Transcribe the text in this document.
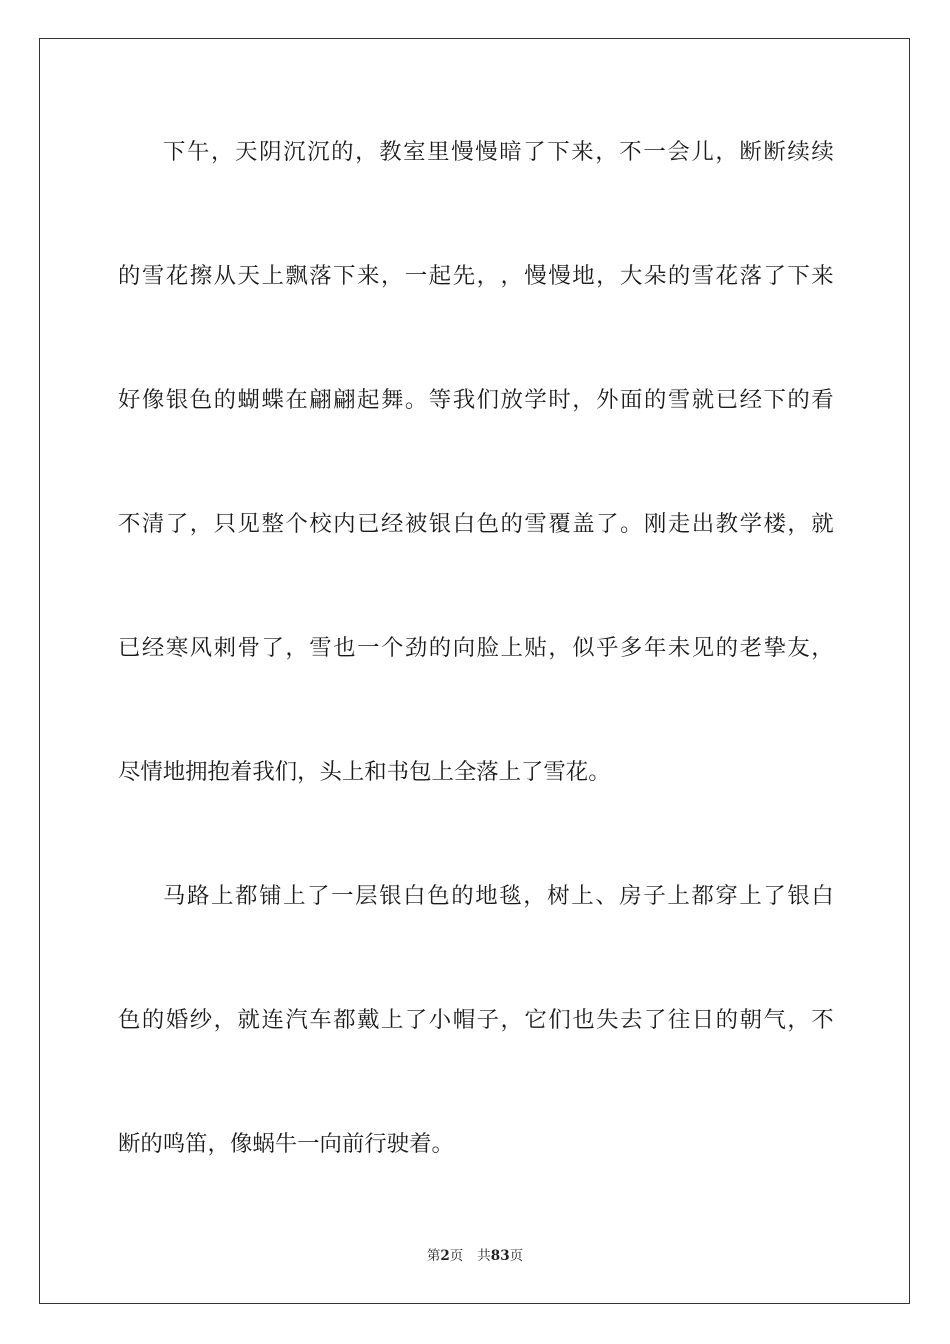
下 午 ， 天 阴 沉 沉 的 ， 教 室 里 慢 慢 暗 了 下 来 ， 不 一 会 儿 ， 断 断 续 续
的 雪 花 擦 从 天 上 飘 落 下 来 ， 一 起 先 ， ， 慢 慢 地 ， 大 朵 的 雪 花 落 了 下 来
好 像 银 色 的 蝴 蝶 在 翩 翩 起 舞 。 等 我 们 放 学 时 ， 外 面 的 雪 就 已 经 下 的 看
不 清 了 ， 只 见 整 个 校 内 已 经 被 银 白 色 的 雪 覆 盖 了 。 刚 走 出 教 学 楼 ， 就
已 经 寒 风 刺 骨 了 ， 雪 也 一 个 劲 的 向 脸 上 贴 ， 似 乎 多 年 未 见 的 老 挚 友 ，
尽情地拥抱着我们，头上和书包上全落上了雪花。
马 路 上 都 铺 上 了 一 层 银 白 色 的 地 毯 ， 树 上 、 房 子 上 都 穿 上 了 银 白
色 的 婚 纱 ， 就 连 汽 车 都 戴 上 了 小 帽 子 ， 它 们 也 失 去 了 往 日 的 朝 气 ， 不
断的鸣笛，像蜗牛一向前行驶着。
第2页 共83页
